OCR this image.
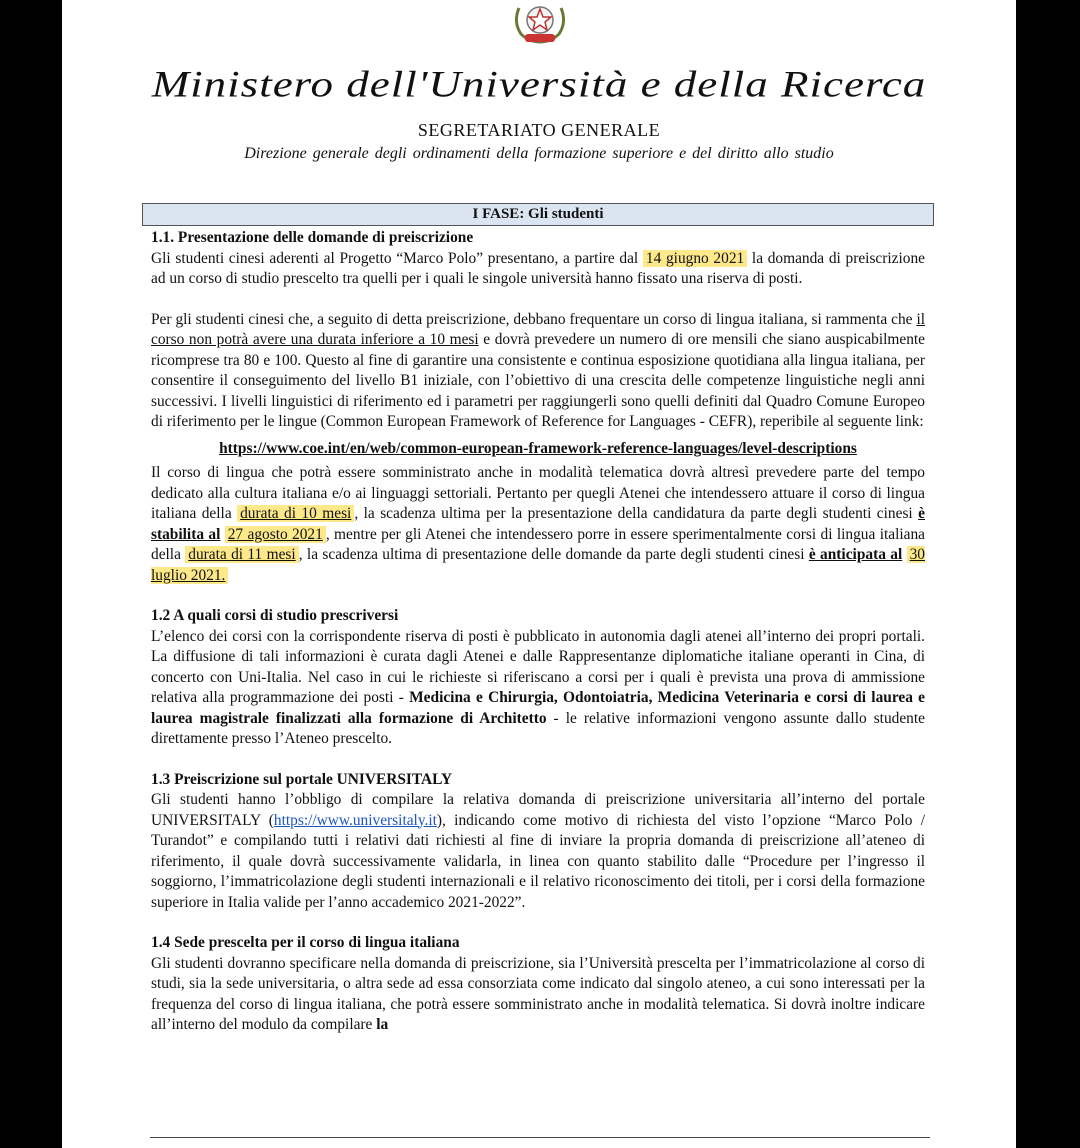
Ministero dell'Università e della Ricerca
SEGRETARIATO GENERALE
Direzione generale degli ordinamenti della formazione superiore e del diritto allo studio
I FASE: Gli studenti
1.1. Presentazione delle domande di preiscrizione

Gli studenti cinesi aderenti al Progetto “Marco Polo” presentano, a partire dal 14 giugno 2021 la domanda di preiscrizione ad un corso di studio prescelto tra quelli per i quali le singole università hanno fissato una riserva di posti.

Per gli studenti cinesi che, a seguito di detta preiscrizione, debbano frequentare un corso di lingua italiana, si rammenta che il corso non potrà avere una durata inferiore a 10 mesi e dovrà prevedere un numero di ore mensili che siano auspicabilmente ricomprese tra 80 e 100. Questo al fine di garantire una consistente e continua esposizione quotidiana alla lingua italiana, per consentire il conseguimento del livello B1 iniziale, con l’obiettivo di una crescita delle competenze linguistiche negli anni successivi. I livelli linguistici di riferimento ed i parametri per raggiungerli sono quelli definiti dal Quadro Comune Europeo di riferimento per le lingue (Common European Framework of Reference for Languages - CEFR), reperibile al seguente link:

https://www.coe.int/en/web/common-european-framework-reference-languages/level-descriptions

Il corso di lingua che potrà essere somministrato anche in modalità telematica dovrà altresì prevedere parte del tempo dedicato alla cultura italiana e/o ai linguaggi settoriali. Pertanto per quegli Atenei che intendessero attuare il corso di lingua italiana della durata di 10 mesi , la scadenza ultima per la presentazione della candidatura da parte degli studenti cinesi è stabilita al 27 agosto 2021 , mentre per gli Atenei che intendessero porre in essere sperimentalmente corsi di lingua italiana della durata di 11 mesi , la scadenza ultima di presentazione delle domande da parte degli studenti cinesi è anticipata al 30 luglio 2021.

1.2 A quali corsi di studio prescriversi

L’elenco dei corsi con la corrispondente riserva di posti è pubblicato in autonomia dagli atenei all’interno dei propri portali. La diffusione di tali informazioni è curata dagli Atenei e dalle Rappresentanze diplomatiche italiane operanti in Cina, di concerto con Uni-Italia. Nel caso in cui le richieste si riferiscano a corsi per i quali è prevista una prova di ammissione relativa alla programmazione dei posti - Medicina e Chirurgia, Odontoiatria, Medicina Veterinaria e corsi di laurea e laurea magistrale finalizzati alla formazione di Architetto - le relative informazioni vengono assunte dallo studente direttamente presso l’Ateneo prescelto.

1.3 Preiscrizione sul portale UNIVERSITALY

Gli studenti hanno l’obbligo di compilare la relativa domanda di preiscrizione universitaria all’interno del portale UNIVERSITALY (https://www.universitaly.it), indicando come motivo di richiesta del visto l’opzione “Marco Polo / Turandot” e compilando tutti i relativi dati richiesti al fine di inviare la propria domanda di preiscrizione all’ateneo di riferimento, il quale dovrà successivamente validarla, in linea con quanto stabilito dalle “Procedure per l’ingresso il soggiorno, l’immatricolazione degli studenti internazionali e il relativo riconoscimento dei titoli, per i corsi della formazione superiore in Italia valide per l’anno accademico 2021-2022”.

1.4 Sede prescelta per il corso di lingua italiana

Gli studenti dovranno specificare nella domanda di preiscrizione, sia l’Università prescelta per l’immatricolazione al corso di studi, sia la sede universitaria, o altra sede ad essa consorziata come indicato dal singolo ateneo, a cui sono interessati per la frequenza del corso di lingua italiana, che potrà essere somministrato anche in modalità telematica. Si dovrà inoltre indicare all’interno del modulo da compilare la
